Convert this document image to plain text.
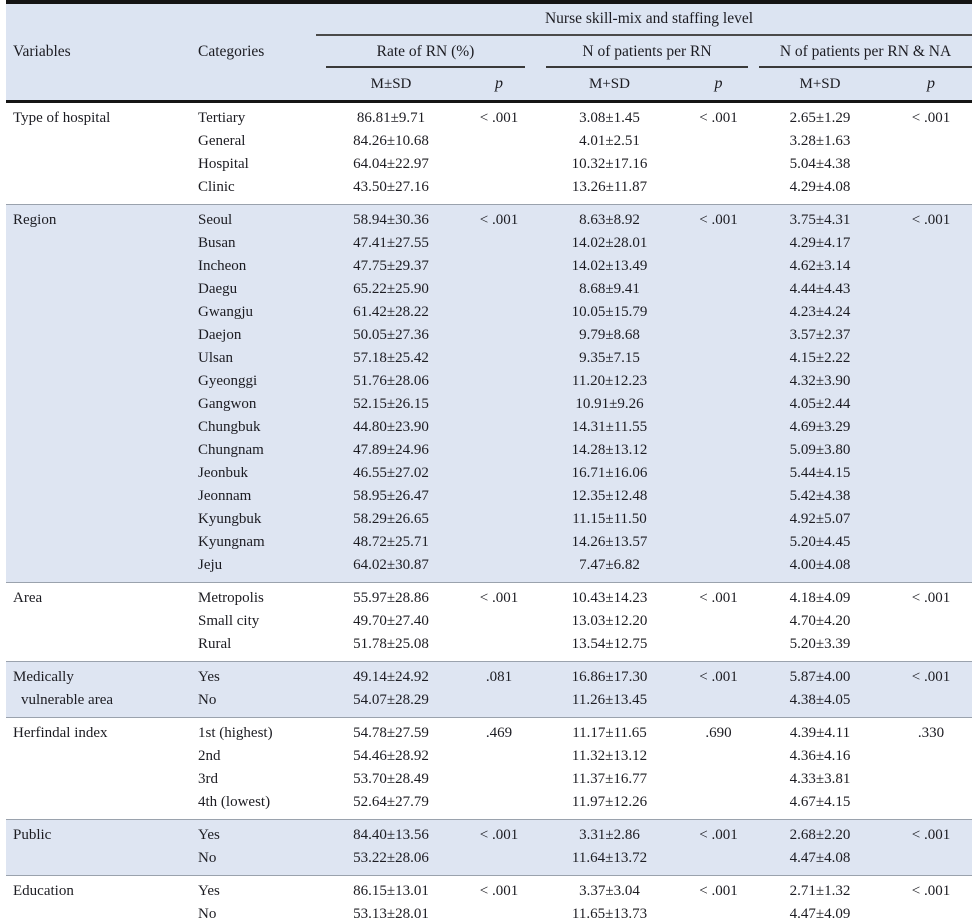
Variables	Categories	Nurse skill-mix and staffing level					

		Rate of RN (%)		N of patients per RN		N of patients per RN & NA	

		M±SD	p	M+SD	p	M+SD	p
Type of hospital	Tertiary	86.81±9.71	< .001	3.08±1.45	< .001	2.65±1.29	< .001
	General	84.26±10.68		4.01±2.51		3.28±1.63	
	Hospital	64.04±22.97		10.32±17.16		5.04±4.38	
	Clinic	43.50±27.16		13.26±11.87		4.29±4.08	
Region	Seoul	58.94±30.36	< .001	8.63±8.92	< .001	3.75±4.31	< .001
	Busan	47.41±27.55		14.02±28.01		4.29±4.17	
	Incheon	47.75±29.37		14.02±13.49		4.62±3.14	
	Daegu	65.22±25.90		8.68±9.41		4.44±4.43	
	Gwangju	61.42±28.22		10.05±15.79		4.23±4.24	
	Daejon	50.05±27.36		9.79±8.68		3.57±2.37	
	Ulsan	57.18±25.42		9.35±7.15		4.15±2.22	
	Gyeonggi	51.76±28.06		11.20±12.23		4.32±3.90	
	Gangwon	52.15±26.15		10.91±9.26		4.05±2.44	
	Chungbuk	44.80±23.90		14.31±11.55		4.69±3.29	
	Chungnam	47.89±24.96		14.28±13.12		5.09±3.80	
	Jeonbuk	46.55±27.02		16.71±16.06		5.44±4.15	
	Jeonnam	58.95±26.47		12.35±12.48		5.42±4.38	
	Kyungbuk	58.29±26.65		11.15±11.50		4.92±5.07	
	Kyungnam	48.72±25.71		14.26±13.57		5.20±4.45	
	Jeju	64.02±30.87		7.47±6.82		4.00±4.08	
Area	Metropolis	55.97±28.86	< .001	10.43±14.23	< .001	4.18±4.09	< .001
	Small city	49.70±27.40		13.03±12.20		4.70±4.20	
	Rural	51.78±25.08		13.54±12.75		5.20±3.39	
Medically	Yes	49.14±24.92	.081	16.86±17.30	< .001	5.87±4.00	< .001
vulnerable area	No	54.07±28.29		11.26±13.45		4.38±4.05	
Herfindal index	1st (highest)	54.78±27.59	.469	11.17±11.65	.690	4.39±4.11	.330
	2nd	54.46±28.92		11.32±13.12		4.36±4.16	
	3rd	53.70±28.49		11.37±16.77		4.33±3.81	
	4th (lowest)	52.64±27.79		11.97±12.26		4.67±4.15	
Public	Yes	84.40±13.56	< .001	3.31±2.86	< .001	2.68±2.20	< .001
	No	53.22±28.06		11.64±13.72		4.47±4.08	
Education	Yes	86.15±13.01	< .001	3.37±3.04	< .001	2.71±1.32	< .001
	No	53.13±28.01		11.65±13.73		4.47±4.09	
